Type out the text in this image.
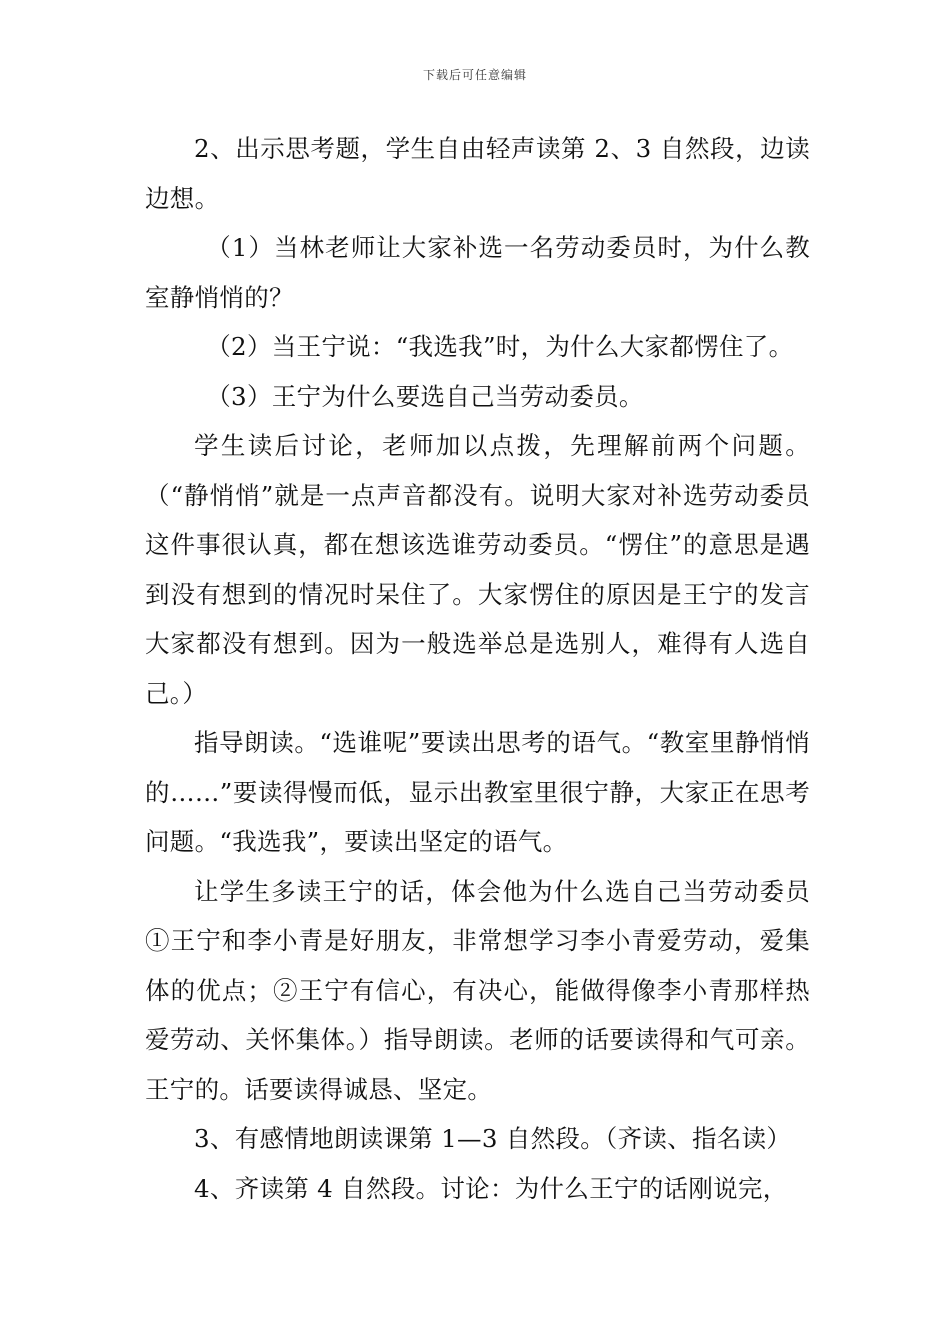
下载后可任意编辑

2、出示思考题，学生自由轻声读第 2、3 自然段，边读边想。

（1）当林老师让大家补选一名劳动委员时，为什么教室静悄悄的？

（2）当王宁说：“我选我”时，为什么大家都愣住了。

（3）王宁为什么要选自己当劳动委员。

学生读后讨论，老师加以点拨，先理解前两个问题。（“静悄悄”就是一点声音都没有。说明大家对补选劳动委员这件事很认真，都在想该选谁劳动委员。“愣住”的意思是遇到没有想到的情况时呆住了。大家愣住的原因是王宁的发言大家都没有想到。因为一般选举总是选别人，难得有人选自己。）

指导朗读。“选谁呢”要读出思考的语气。“教室里静悄悄的……”要读得慢而低，显示出教室里很宁静，大家正在思考问题。“我选我”，要读出坚定的语气。

让学生多读王宁的话，体会他为什么选自己当劳动委员①王宁和李小青是好朋友，非常想学习李小青爱劳动，爱集体的优点；②王宁有信心，有决心，能做得像李小青那样热爱劳动、关怀集体。）指导朗读。老师的话要读得和气可亲。王宁的。话要读得诚恳、坚定。

3、有感情地朗读课第 1—3 自然段。（齐读、指名读）

4、齐读第 4 自然段。讨论：为什么王宁的话刚说完，
